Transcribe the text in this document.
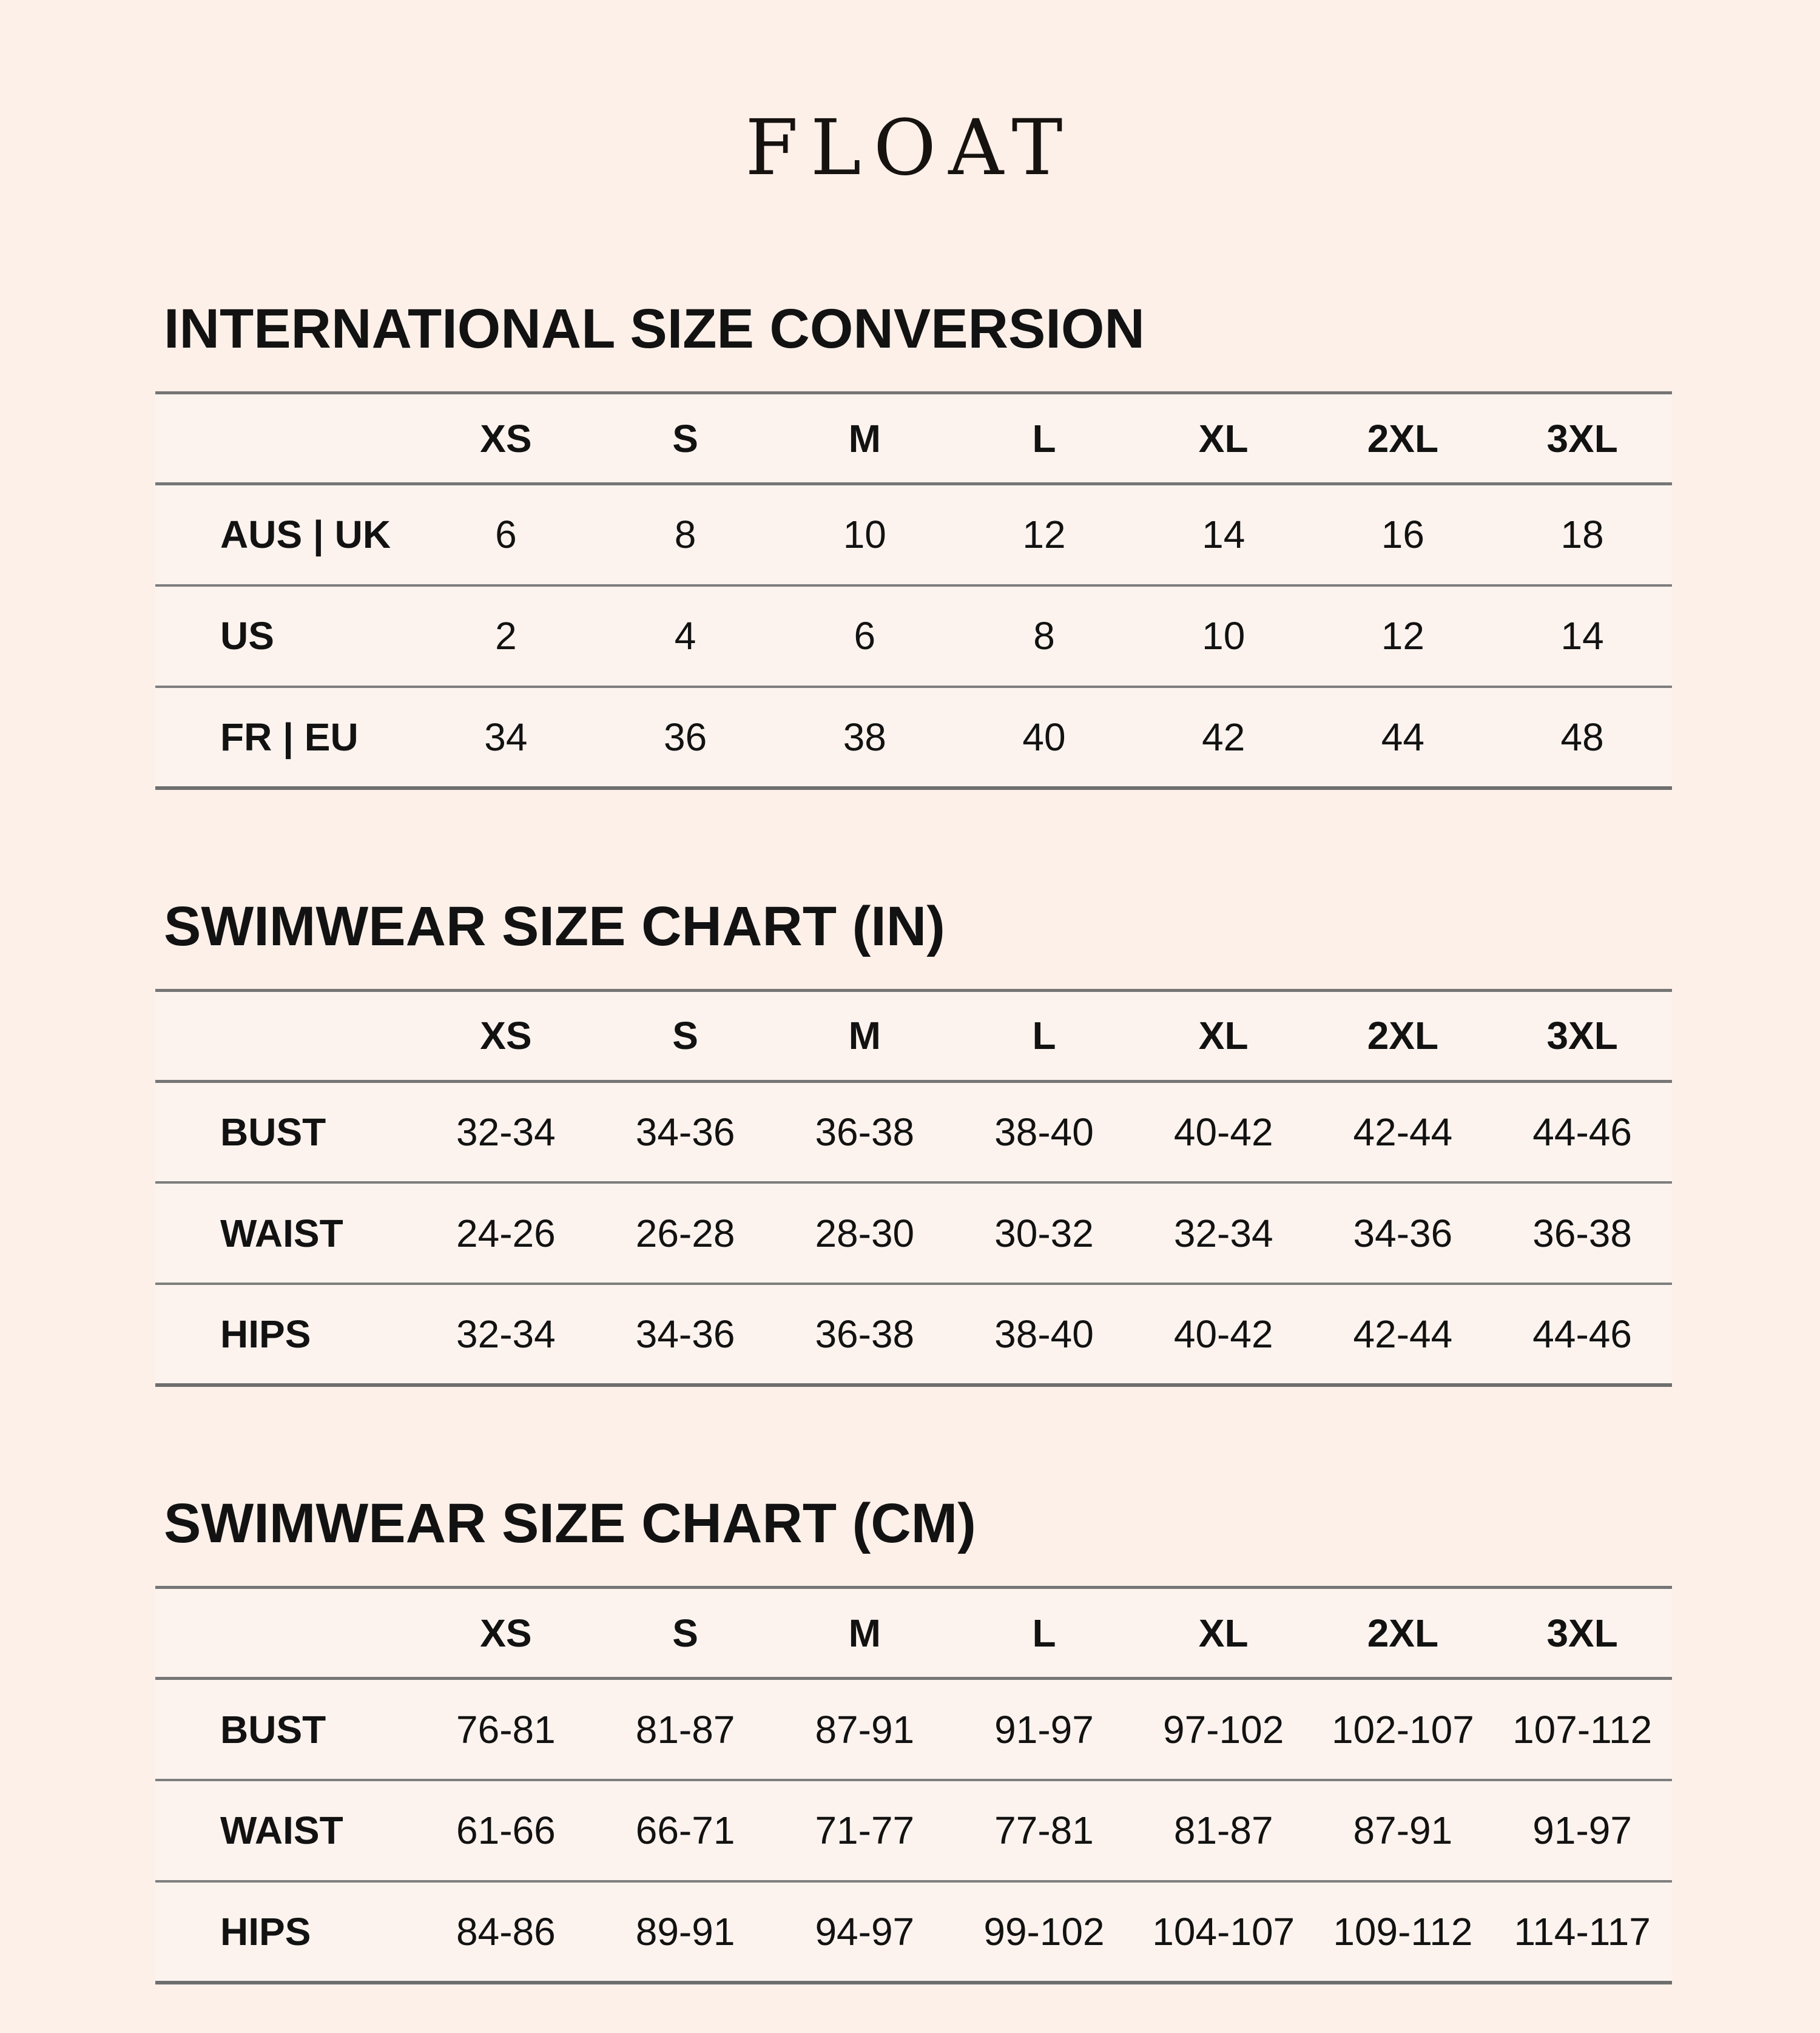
FLOAT
INTERNATIONAL SIZE CONVERSION
	XS	S	M	L	XL	2XL	3XL
AUS | UK	6	8	10	12	14	16	18
US	2	4	6	8	10	12	14
FR | EU	34	36	38	40	42	44	48
SWIMWEAR SIZE CHART (IN)
	XS	S	M	L	XL	2XL	3XL
BUST	32-34	34-36	36-38	38-40	40-42	42-44	44-46
WAIST	24-26	26-28	28-30	30-32	32-34	34-36	36-38
HIPS	32-34	34-36	36-38	38-40	40-42	42-44	44-46
SWIMWEAR SIZE CHART (CM)
	XS	S	M	L	XL	2XL	3XL
BUST	76-81	81-87	87-91	91-97	97-102	102-107	107-112
WAIST	61-66	66-71	71-77	77-81	81-87	87-91	91-97
HIPS	84-86	89-91	94-97	99-102	104-107	109-112	114-117
